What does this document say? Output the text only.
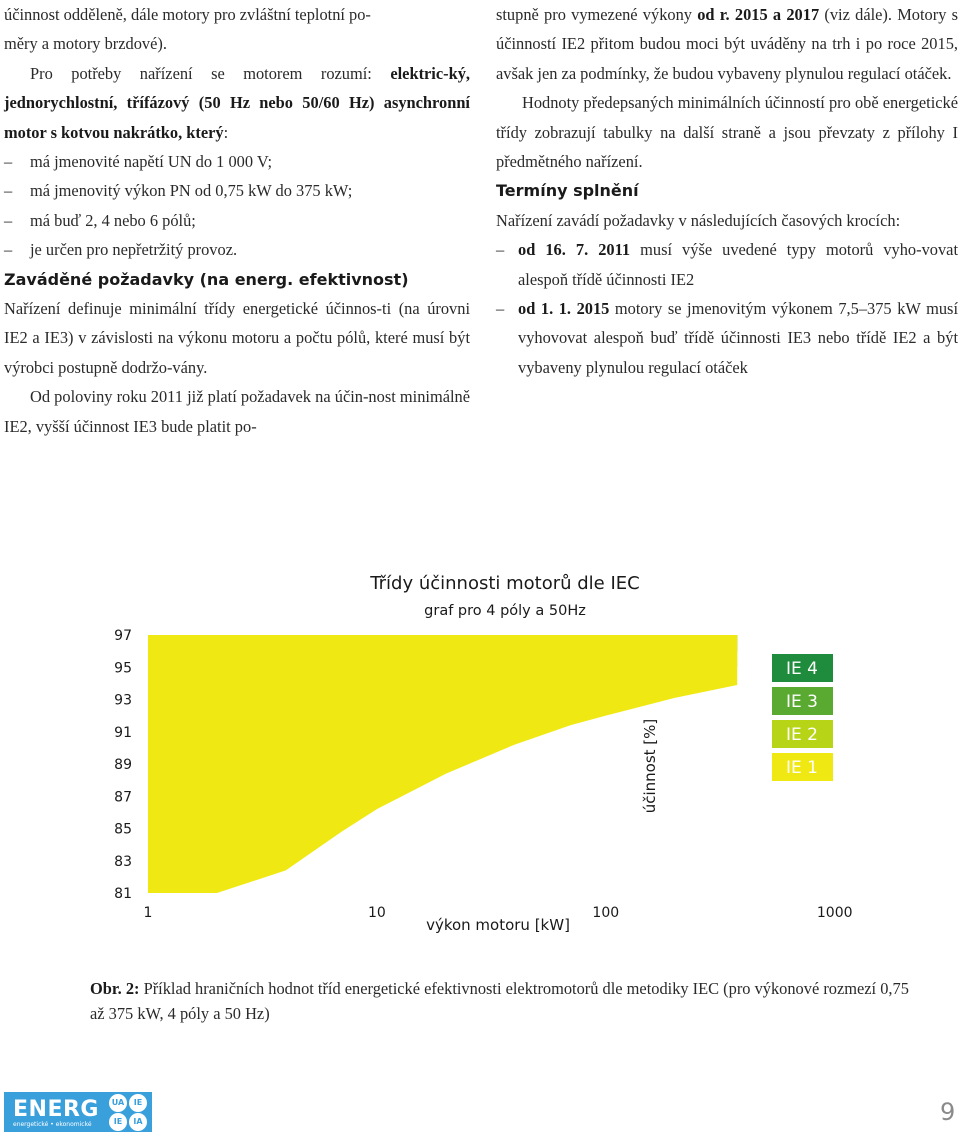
účinnost odděleně, dále motory pro zvláštní teplotní po-

měry a motory brzdové).

Pro potřeby nařízení se motorem rozumí: elektric-ký, jednorychlostní, třífázový (50 Hz nebo 50/60 Hz) asynchronní motor s kotvou nakrátko, který:

– má jmenovité napětí UN do 1 000 V;

– má jmenovitý výkon PN od 0,75 kW do 375 kW;

– má buď 2, 4 nebo 6 pólů;

– je určen pro nepřetržitý provoz.

Zaváděné požadavky (na energ. efektivnost)

Nařízení definuje minimální třídy energetické účinnos-ti (na úrovni IE2 a IE3) v závislosti na výkonu motoru a počtu pólů, které musí být výrobci postupně dodržo-vány.

Od poloviny roku 2011 již platí požadavek na účin-nost minimálně IE2, vyšší účinnost IE3 bude platit po-

stupně pro vymezené výkony od r. 2015 a 2017 (viz dále). Motory s účinností IE2 přitom budou moci být uváděny na trh i po roce 2015, avšak jen za podmínky, že budou vybaveny plynulou regulací otáček.

Hodnoty předepsaných minimálních účinností pro obě energetické třídy zobrazují tabulky na další straně a jsou převzaty z přílohy I předmětného nařízení.

Termíny splnění

Nařízení zavádí požadavky v následujících časových krocích:

– od 16. 7. 2011 musí výše uvedené typy motorů vyho-vovat alespoň třídě účinnosti IE2

– od 1. 1. 2015 motory se jmenovitým výkonem 7,5–375 kW musí vyhovovat alespoň buď třídě účinnosti IE3 nebo třídě IE2 a být vybaveny plynulou regulací otáček

Třídy účinnosti motorů dle IEC
graf pro 4 póly a 50Hz
97
95
93
91
89
87
85
83
81
1	10	100	1000
účinnost [%]
výkon motoru [kW]
IE 4
IE 3
IE 2
IE 1

Obr. 2: Příklad hraničních hodnot tříd energetické efektivnosti elektromotorů dle metodiky IEC (pro výkonové rozmezí 0,75 až 375 kW, 4 póly a 50 Hz)

ENERG
energetické • ekonomické
UA	IE
IE	IA	9
